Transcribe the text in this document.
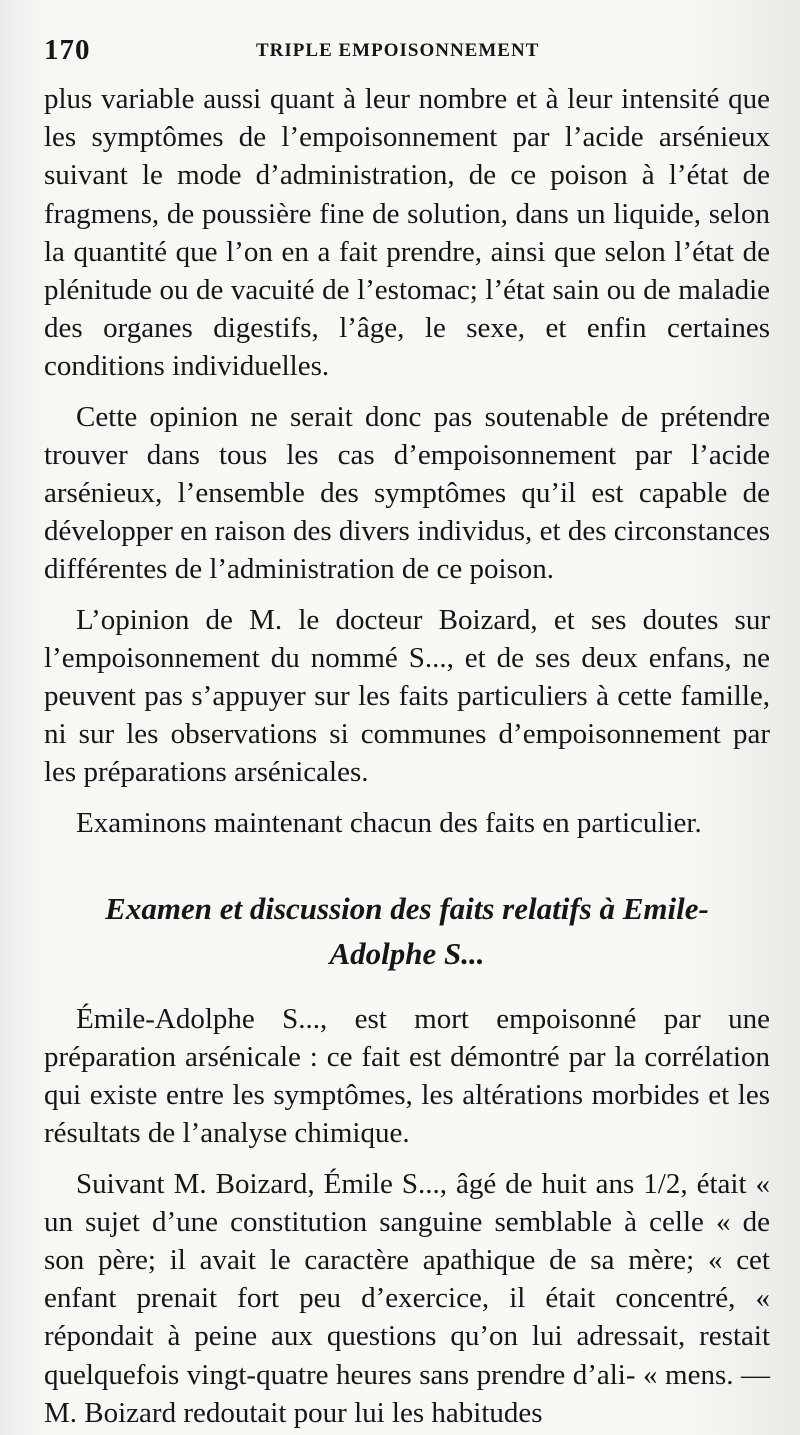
170	TRIPLE EMPOISONNEMENT

plus variable aussi quant à leur nombre et à leur intensité que les symptômes de l’empoisonnement par l’acide arsénieux suivant le mode d’administration, de ce poison à l’état de fragmens, de poussière fine de solution, dans un liquide, selon la quantité que l’on en a fait prendre, ainsi que selon l’état de plénitude ou de vacuité de l’estomac; l’état sain ou de maladie des organes digestifs, l’âge, le sexe, et enfin certaines conditions individuelles.

Cette opinion ne serait donc pas soutenable de prétendre trouver dans tous les cas d’empoisonnement par l’acide arsénieux, l’ensemble des symptômes qu’il est capable de développer en raison des divers individus, et des circonstances différentes de l’administration de ce poison.

L’opinion de M. le docteur Boizard, et ses doutes sur l’empoisonnement du nommé S..., et de ses deux enfans, ne peuvent pas s’appuyer sur les faits particuliers à cette famille, ni sur les observations si communes d’empoisonnement par les préparations arsénicales.

Examinons maintenant chacun des faits en particulier.

Examen et discussion des faits relatifs à Emile-
Adolphe S...

Émile-Adolphe S..., est mort empoisonné par une préparation arsénicale : ce fait est démontré par la corrélation qui existe entre les symptômes, les altérations morbides et les résultats de l’analyse chimique.

Suivant M. Boizard, Émile S..., âgé de huit ans 1/2, était « un sujet d’une constitution sanguine semblable à celle « de son père; il avait le caractère apathique de sa mère; « cet enfant prenait fort peu d’exercice, il était concentré, « répondait à peine aux questions qu’on lui adressait, restait quelquefois vingt-quatre heures sans prendre d’ali- « mens. — M. Boizard redoutait pour lui les habitudes
